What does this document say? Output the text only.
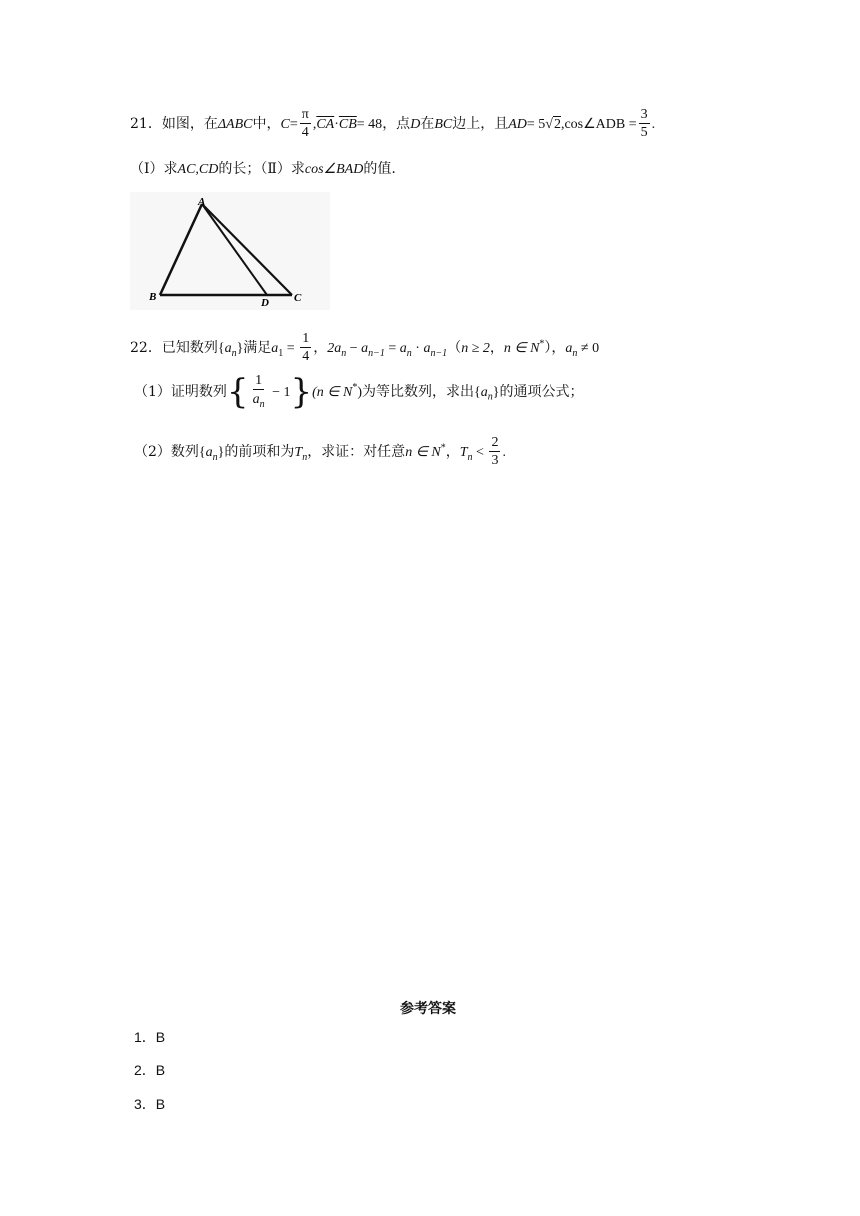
21．如图，在ΔABC中，$C= \frac{\pi}{4} ,\overline{CA}\cdot\overline{CB}= 48$，点D在BC边上，且AD= 5√2,cos∠ADB = $\frac{3}{5}$ .
（Ⅰ）求AC,CD的长；（Ⅱ）求cos∠BAD的值.
A
B	C
D
22．已知数列$\{a_n\}$满足$a_1 = \frac{1}{4}$ ，$2a_n - a_{n-1} = a_n \cdot a_{n-1}(n \ge 2$，n ∈ N*），$a_n \ne 0$
（1）证明数列{ $\frac{1}{a_n} - 1\}(n$ ∈ N*)为等比数列，求出$\{a_n\}$的通项公式；
（2）数列$\{a_n\}$的前项和为$T_n$，求证：对任意n ∈ N*，$T_n < \frac{2}{3}$ .
参考答案
1．B
2．B
3．B
